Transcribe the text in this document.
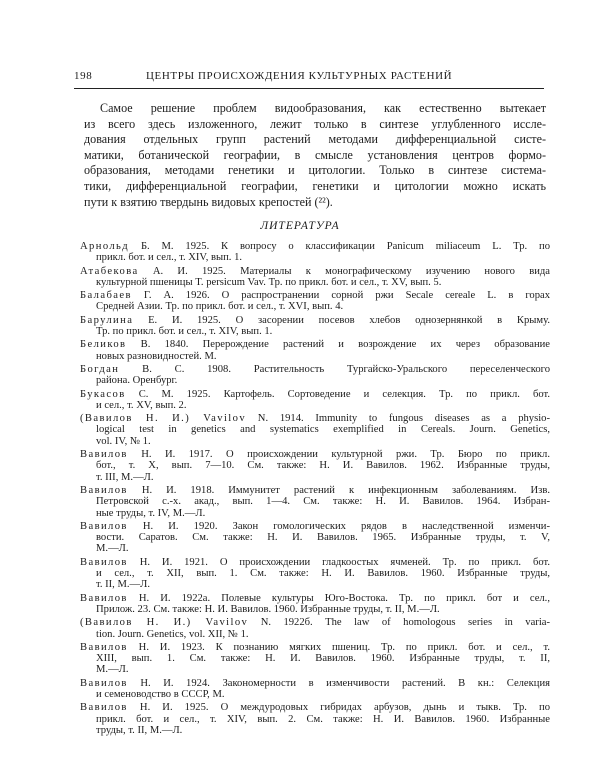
198	ЦЕНТРЫ ПРОИСХОЖДЕНИЯ КУЛЬТУРНЫХ РАСТЕНИЙ
Самое решение проблем видообразования, как естественно вытекает
из всего здесь изложенного, лежит только в синтезе углубленного иссле-
дования отдельных групп растений методами дифференциальной систе-
матики, ботанической географии, в смысле установления центров формо-
образования, методами генетики и цитологии. Только в синтезе система-
тики, дифференциальной географии, генетики и цитологии можно искать
пути к взятию твердынь видовых крепостей (²²).
ЛИТЕРАТУРА
Арнольд Б. М. 1925. К вопросу о классификации Panicum miliaceum L. Тр. по
прикл. бот. и сел., т. XIV, вып. 1.
Атабекова А. И. 1925. Материалы к монографическому изучению нового вида
культурной пшеницы T. persicum Vav. Тр. по прикл. бот. и сел., т. XV, вып. 5.
Балабаев Г. А. 1926. О распространении сорной ржи Secale cereale L. в горах
Средней Азии. Тр. по прикл. бот. и сел., т. XVI, вып. 4.
Барулина Е. И. 1925. О засорении посевов хлебов однозернянкой в Крыму.
Тр. по прикл. бот. и сел., т. XIV, вып. 1.
Беликов В. 1840. Перерождение растений и возрождение их через образование
новых разновидностей. М.
Богдан В. С. 1908. Растительность Тургайско-Уральского переселенческого
района. Оренбург.
Букасов С. М. 1925. Картофель. Сортоведение и селекция. Тр. по прикл. бот.
и сел., т. XV, вып. 2.
(Вавилов Н. И.) Vavilov N. 1914. Immunity to fungous diseases as a physio-
logical test in genetics and systematics exemplified in Cereals. Journ. Genetics,
vol. IV, № 1.
Вавилов Н. И. 1917. О происхождении культурной ржи. Тр. Бюро по прикл.
бот., т. X, вып. 7—10. См. также: Н. И. Вавилов. 1962. Избранные труды,
т. III, М.—Л.
Вавилов Н. И. 1918. Иммунитет растений к инфекционным заболеваниям. Изв.
Петровской с.-х. акад., вып. 1—4. См. также: Н. И. Вавилов. 1964. Избран-
ные труды, т. IV, М.—Л.
Вавилов Н. И. 1920. Закон гомологических рядов в наследственной изменчи-
вости. Саратов. См. также: Н. И. Вавилов. 1965. Избранные труды, т. V,
М.—Л.
Вавилов Н. И. 1921. О происхождении гладкоостых ячменей. Тр. по прикл. бот.
и сел., т. XII, вып. 1. См. также: Н. И. Вавилов. 1960. Избранные труды,
т. II, М.—Л.
Вавилов Н. И. 1922а. Полевые культуры Юго-Востока. Тр. по прикл. бот и сел.,
Прилож. 23. См. также: Н. И. Вавилов. 1960. Избранные труды, т. II, М.—Л.
(Вавилов Н. И.) Vavilov N. 1922б. The law of homologous series in varia-
tion. Journ. Genetics, vol. XII, № 1.
Вавилов Н. И. 1923. К познанию мягких пшениц. Тр. по прикл. бот. и сел., т.
XIII, вып. 1. См. также: Н. И. Вавилов. 1960. Избранные труды, т. II,
М.—Л.
Вавилов Н. И. 1924. Закономерности в изменчивости растений. В кн.: Селекция
и семеноводство в СССР, М.
Вавилов Н. И. 1925. О междуродовых гибридах арбузов, дынь и тыкв. Тр. по
прикл. бот. и сел., т. XIV, вып. 2. См. также: Н. И. Вавилов. 1960. Избранные
труды, т. II, М.—Л.
